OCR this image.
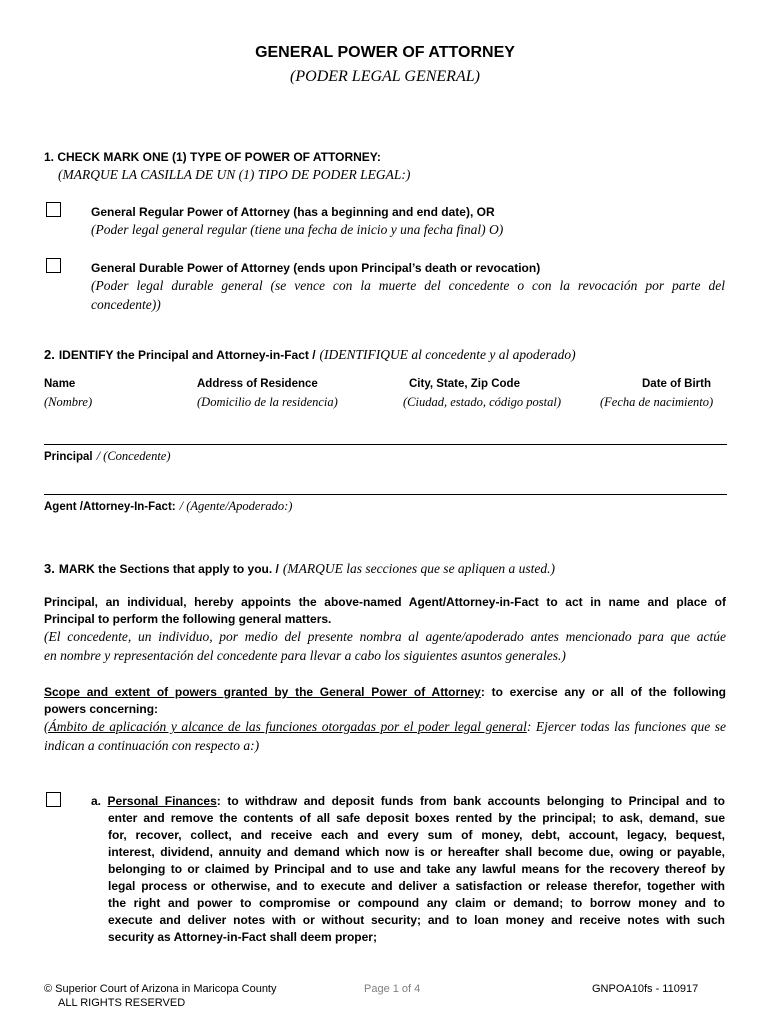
GENERAL POWER OF ATTORNEY
(PODER LEGAL GENERAL)
1. CHECK MARK ONE (1) TYPE OF POWER OF ATTORNEY:
(MARQUE LA CASILLA DE UN (1) TIPO DE PODER LEGAL:)
General Regular Power of Attorney (has a beginning and end date), OR
(Poder legal general regular (tiene una fecha de inicio y una fecha final) O)
General Durable Power of Attorney (ends upon Principal’s death or revocation)
(Poder legal durable general (se vence con la muerte del concedente o con la revocación por parte del
concedente))
2. IDENTIFY the Principal and Attorney-in-Fact / (IDENTIFIQUE al concedente y al apoderado)
Name
(Nombre)
Address of Residence
(Domicilio de la residencia)
City, State, Zip Code
(Ciudad, estado, código postal)
Date of Birth
(Fecha de nacimiento)
Principal / (Concedente)
Agent /Attorney-In-Fact: / (Agente/Apoderado:)
3. MARK the Sections that apply to you. / (MARQUE las secciones que se apliquen a usted.)
Principal, an individual, hereby appoints the above-named Agent/Attorney-in-Fact to act in name and place of
Principal to perform the following general matters.
(El concedente, un individuo, por medio del presente nombra al agente/apoderado antes mencionado para que actúe
en nombre y representación del concedente para llevar a cabo los siguientes asuntos generales.)
Scope and extent of powers granted by the General Power of Attorney: to exercise any or all of the following
powers concerning:
(Ámbito de aplicación y alcance de las funciones otorgadas por el poder legal general: Ejercer todas las funciones que se
indican a continuación con respecto a:)
a. Personal Finances: to withdraw and deposit funds from bank accounts belonging to Principal and to
enter and remove the contents of all safe deposit boxes rented by the principal; to ask, demand, sue
for, recover, collect, and receive each and every sum of money, debt, account, legacy, bequest,
interest, dividend, annuity and demand which now is or hereafter shall become due, owing or payable,
belonging to or claimed by Principal and to use and take any lawful means for the recovery thereof by
legal process or otherwise, and to execute and deliver a satisfaction or release therefor, together with
the right and power to compromise or compound any claim or demand; to borrow money and to
execute and deliver notes with or without security; and to loan money and receive notes with such
security as Attorney-in-Fact shall deem proper;
© Superior Court of Arizona in Maricopa County
ALL RIGHTS RESERVED
Page 1 of 4	GNPOA10fs - 110917
